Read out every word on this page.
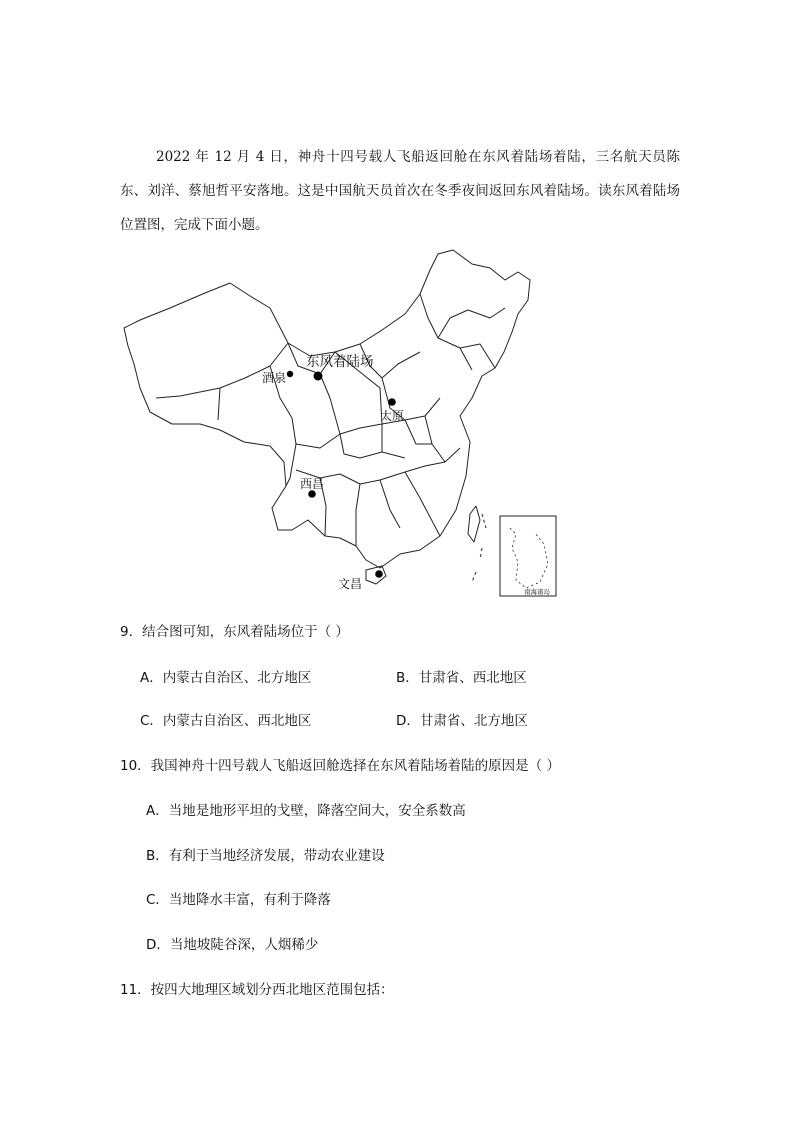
2022 年 12 月 4 日，神舟十四号载人飞船返回舱在东风着陆场着陆，三名航天员陈东、刘洋、蔡旭哲平安落地。这是中国航天员首次在冬季夜间返回东风着陆场。读东风着陆场位置图，完成下面小题。
东风着陆场
酒泉
太原
西昌
文昌
南海诸岛
9．结合图可知，东风着陆场位于（ ）
A．内蒙古自治区、北方地区	B．甘肃省、西北地区
C．内蒙古自治区、西北地区	D．甘肃省、北方地区
10．我国神舟十四号载人飞船返回舱选择在东风着陆场着陆的原因是（ ）
A．当地是地形平坦的戈壁，降落空间大，安全系数高
B．有利于当地经济发展，带动农业建设
C．当地降水丰富，有利于降落
D．当地坡陡谷深，人烟稀少
11．按四大地理区域划分西北地区范围包括：
